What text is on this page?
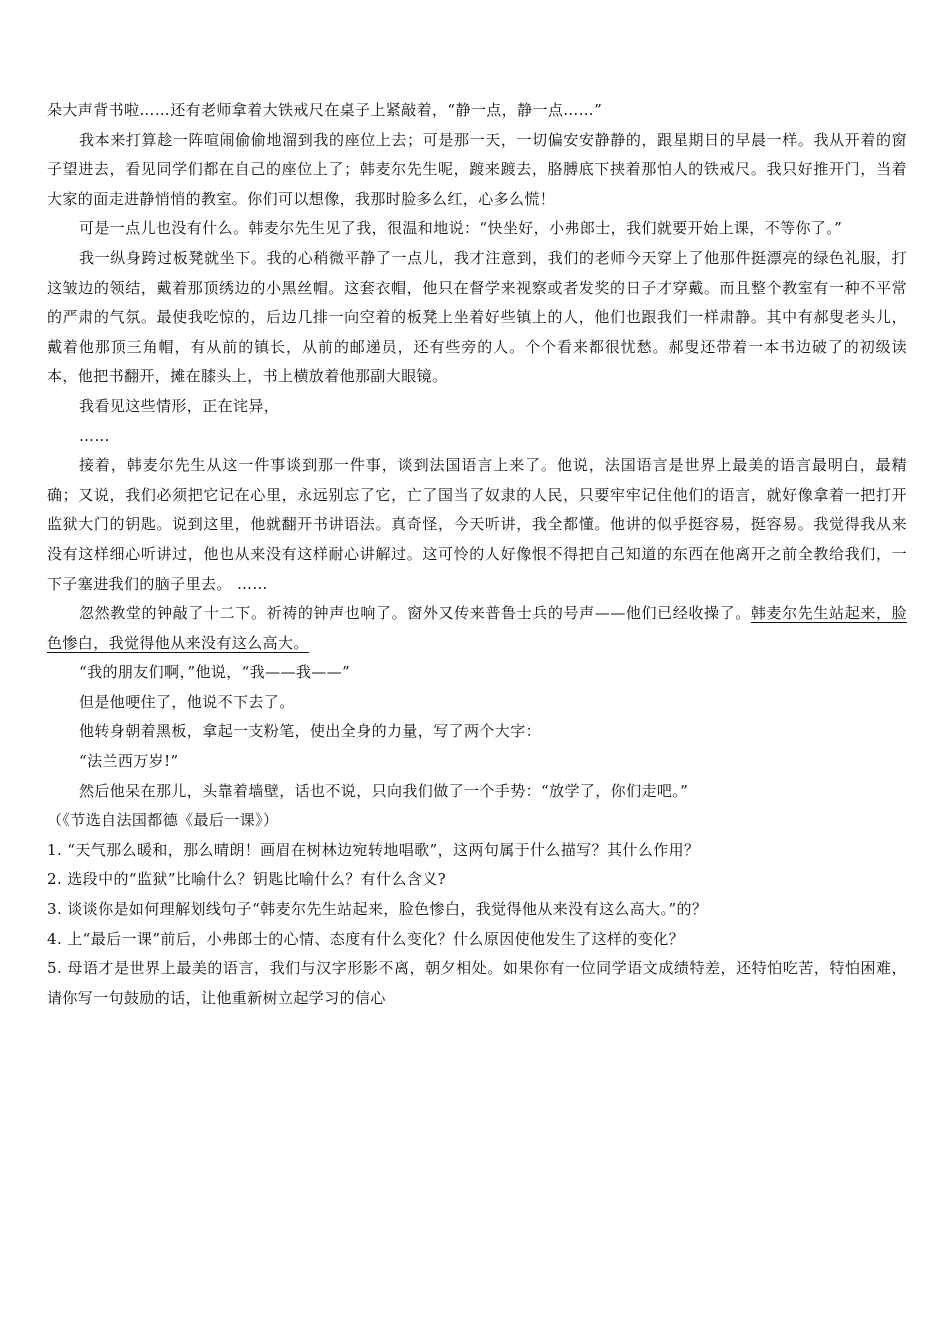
朵大声背书啦……还有老师拿着大铁戒尺在桌子上紧敲着，“静一点，静一点……”

我本来打算趁一阵喧闹偷偷地溜到我的座位上去；可是那一天，一切偏安安静静的，跟星期日的早晨一样。我从开着的窗子望进去，看见同学们都在自己的座位上了；韩麦尔先生呢，踱来踱去，胳膊底下挟着那怕人的铁戒尺。我只好推开门，当着大家的面走进静悄悄的教室。你们可以想像，我那时脸多么红，心多么慌！

可是一点儿也没有什么。韩麦尔先生见了我，很温和地说：“快坐好，小弗郎士，我们就要开始上课，不等你了。”

我一纵身跨过板凳就坐下。我的心稍微平静了一点儿，我才注意到，我们的老师今天穿上了他那件挺漂亮的绿色礼服，打这皱边的领结，戴着那顶绣边的小黑丝帽。这套衣帽，他只在督学来视察或者发奖的日子才穿戴。而且整个教室有一种不平常的严肃的气氛。最使我吃惊的，后边几排一向空着的板凳上坐着好些镇上的人，他们也跟我们一样肃静。其中有郝叟老头儿，戴着他那顶三角帽，有从前的镇长，从前的邮递员，还有些旁的人。个个看来都很忧愁。郝叟还带着一本书边破了的初级读本，他把书翻开，摊在膝头上，书上横放着他那副大眼镜。

我看见这些情形，正在诧异，

……

接着，韩麦尔先生从这一件事谈到那一件事，谈到法国语言上来了。他说，法国语言是世界上最美的语言最明白，最精确；又说，我们必须把它记在心里，永远别忘了它，亡了国当了奴隶的人民，只要牢牢记住他们的语言，就好像拿着一把打开监狱大门的钥匙。说到这里，他就翻开书讲语法。真奇怪，今天听讲，我全都懂。他讲的似乎挺容易，挺容易。我觉得我从来没有这样细心听讲过，他也从来没有这样耐心讲解过。这可怜的人好像恨不得把自己知道的东西在他离开之前全教给我们，一下子塞进我们的脑子里去。 ……

忽然教堂的钟敲了十二下。祈祷的钟声也响了。窗外又传来普鲁士兵的号声——他们已经收操了。韩麦尔先生站起来，脸色惨白，我觉得他从来没有这么高大。

“我的朋友们啊，”他说，“我——我——”

但是他哽住了，他说不下去了。

他转身朝着黑板，拿起一支粉笔，使出全身的力量，写了两个大字：

“法兰西万岁!”

然后他呆在那儿，头靠着墙壁，话也不说，只向我们做了一个手势：“放学了，你们走吧。”

（《节选自法国都德《最后一课》）

1. “天气那么暖和，那么晴朗！画眉在树林边宛转地唱歌”，这两句属于什么描写？其什么作用？

2. 选段中的“监狱”比喻什么？钥匙比喻什么？有什么含义?

3. 谈谈你是如何理解划线句子“韩麦尔先生站起来，脸色惨白，我觉得他从来没有这么高大。”的？

4. 上“最后一课”前后，小弗郎士的心情、态度有什么变化？什么原因使他发生了这样的变化？

5. 母语才是世界上最美的语言，我们与汉字形影不离，朝夕相处。如果你有一位同学语文成绩特差，还特怕吃苦，特怕困难，请你写一句鼓励的话，让他重新树立起学习的信心
